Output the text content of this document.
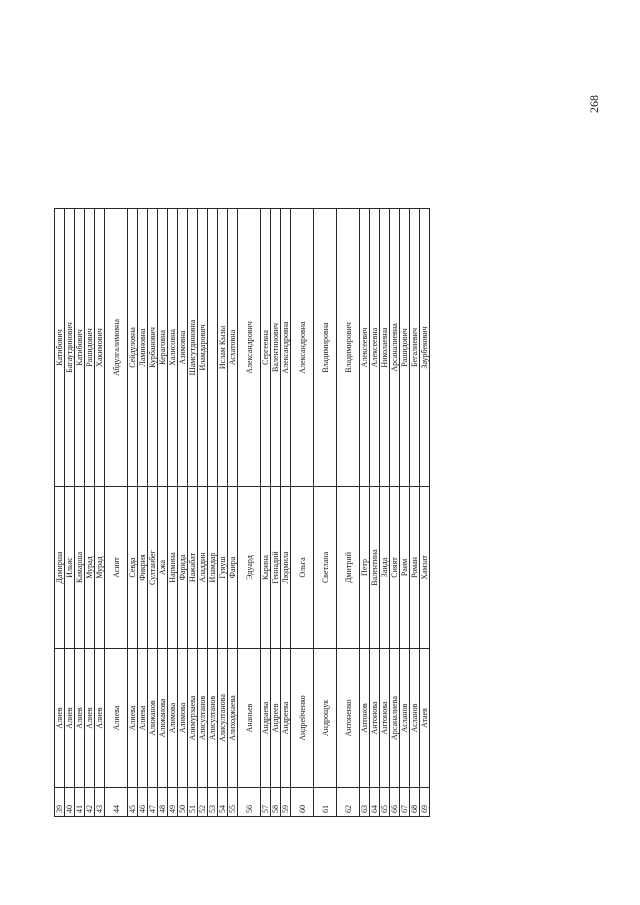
268
39	Алиев	Дамирша	Катибович
40	Алиев	Ильяс	Багаутдинович
41	Алиев	Камарша	Катибович
42	Алиев	Мурад	Рашидович
43	Алиев	Мурад	Хакимович
44	Алиева	Асият	Абдулгалимовна
45	Алиева	Севда	Сейдуловна
46	Алиева	Фикрия	Ламиновна
47	Алижанов	Султанбег	Курбанович
48	Алижанова	Ажа	Кераговна
49	Алимова	Нармина	Халисовна
50	Алимова	Фарида	Азимовна
51	Алимурзаева	Нажабат	Шамсутдиновна
52	Алисултанов	Аладдин	Иламдарович
53	Алисултанов	Иламдар	
54	Алисултанова	Гуяуш	Ислам Кызы
55	Алиходжаева	Фаира	Асхатовна
56	Ананьев	Эдуард	Александрович
57	Андраева	Карина	Сергеевна
58	Андреев	Геннадий	Валентинович
59	Андреева	Людмила	Александровна
60	Андрейченко	Ольга	Александровна
61	Андрощук	Светлана	Владимировна
62	Антоненко	Дмитрий	Владимирович
63	Антонов	Петр	Алексеевич
64	Антонова	Валентина	Алексеевна
65	Антонова	Заида	Николаевна
66	Арсаналиева	Сияят	Арсаналиевна
67	Асланов	Раим	Рашидович
68	Асланов	Роман	Бегалиевич
69	Атаев	Хамзат	Заурбекович
